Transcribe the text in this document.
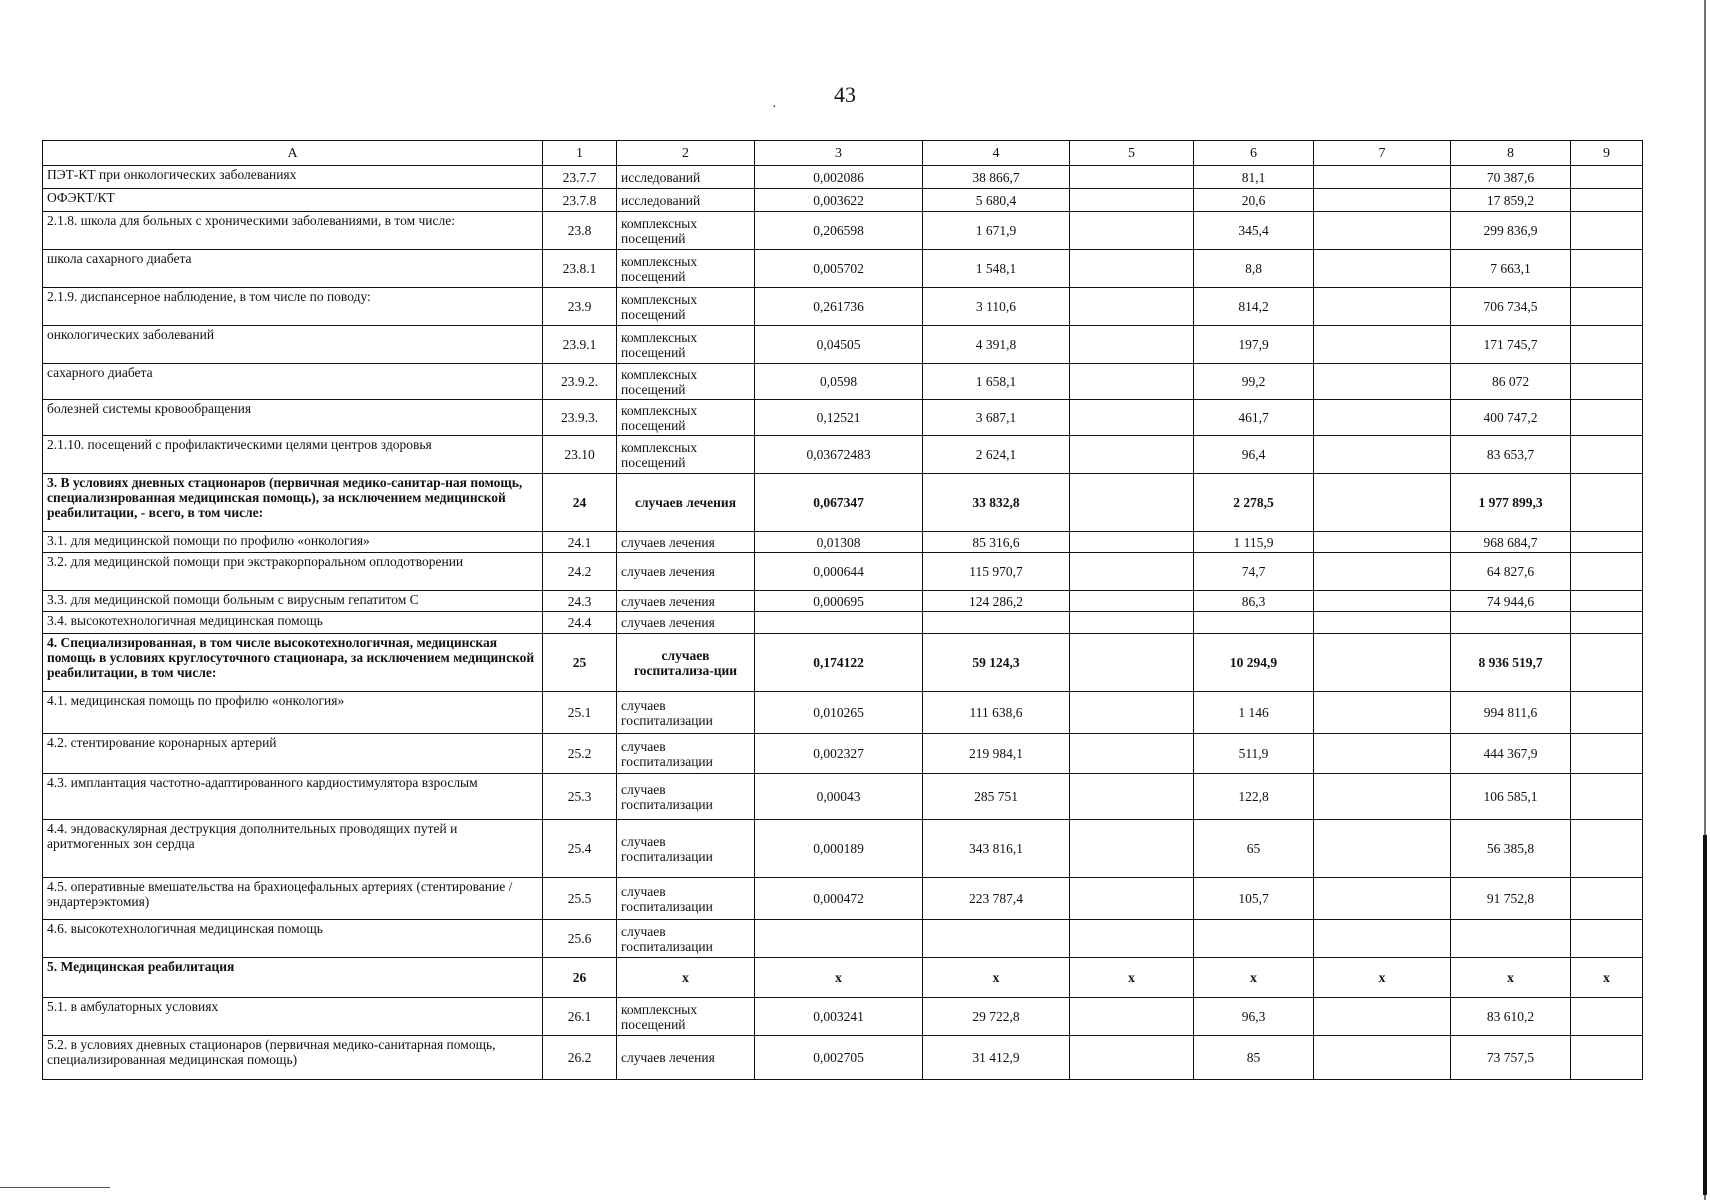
·
43
А	1	2	3	4	5	6	7	8	9
ПЭТ-КТ при онкологических заболеваниях	23.7.7	исследований	0,002086	38 866,7		81,1		70 387,6	
ОФЭКТ/КТ	23.7.8	исследований	0,003622	5 680,4		20,6		17 859,2	
2.1.8. школа для больных с хроническими заболеваниями, в том числе:	23.8	комплексных посещений	0,206598	1 671,9		345,4		299 836,9	
школа сахарного диабета	23.8.1	комплексных посещений	0,005702	1 548,1		8,8		7 663,1	
2.1.9. диспансерное наблюдение, в том числе по поводу:	23.9	комплексных посещений	0,261736	3 110,6		814,2		706 734,5	
онкологических заболеваний	23.9.1	комплексных посещений	0,04505	4 391,8		197,9		171 745,7	
сахарного диабета	23.9.2.	комплексных посещений	0,0598	1 658,1		99,2		86 072	
болезней системы кровообращения	23.9.3.	комплексных посещений	0,12521	3 687,1		461,7		400 747,2	
2.1.10. посещений с профилактическими целями центров здоровья	23.10	комплексных посещений	0,03672483	2 624,1		96,4		83 653,7	
3. В условиях дневных стационаров (первичная медико-санитар-ная помощь, специализированная медицинская помощь), за исключением медицинской реабилитации, - всего, в том числе:	24	случаев лечения	0,067347	33 832,8		2 278,5		1 977 899,3	
3.1. для медицинской помощи по профилю «онкология»	24.1	случаев лечения	0,01308	85 316,6		1 115,9		968 684,7	
3.2. для медицинской помощи при экстракорпоральном оплодотворении	24.2	случаев лечения	0,000644	115 970,7		74,7		64 827,6	
3.3. для медицинской помощи больным с вирусным гепатитом С	24.3	случаев лечения	0,000695	124 286,2		86,3		74 944,6	
3.4. высокотехнологичная медицинская помощь	24.4	случаев лечения							
4. Специализированная, в том числе высокотехнологичная, медицинская помощь в условиях круглосуточного стационара, за исключением медицинской реабилитации, в том числе:	25	случаев госпитализа-ции	0,174122	59 124,3		10 294,9		8 936 519,7	
4.1. медицинская помощь по профилю «онкология»	25.1	случаев госпитализации	0,010265	111 638,6		1 146		994 811,6	
4.2. стентирование коронарных артерий	25.2	случаев госпитализации	0,002327	219 984,1		511,9		444 367,9	
4.3. имплантация частотно-адаптированного кардиостимулятора взрослым	25.3	случаев госпитализации	0,00043	285 751		122,8		106 585,1	
4.4. эндоваскулярная деструкция дополнительных проводящих путей и аритмогенных зон сердца	25.4	случаев госпитализации	0,000189	343 816,1		65		56 385,8	
4.5. оперативные вмешательства на брахиоцефальных артериях (стентирование / эндартерэктомия)	25.5	случаев госпитализации	0,000472	223 787,4		105,7		91 752,8	
4.6. высокотехнологичная медицинская помощь	25.6	случаев госпитализации							
5. Медицинская реабилитация	26	х	х	х	х	х	х	х	х
5.1. в амбулаторных условиях	26.1	комплексных посещений	0,003241	29 722,8		96,3		83 610,2	
5.2. в условиях дневных стационаров (первичная медико-санитарная помощь, специализированная медицинская помощь)	26.2	случаев лечения	0,002705	31 412,9		85		73 757,5	
